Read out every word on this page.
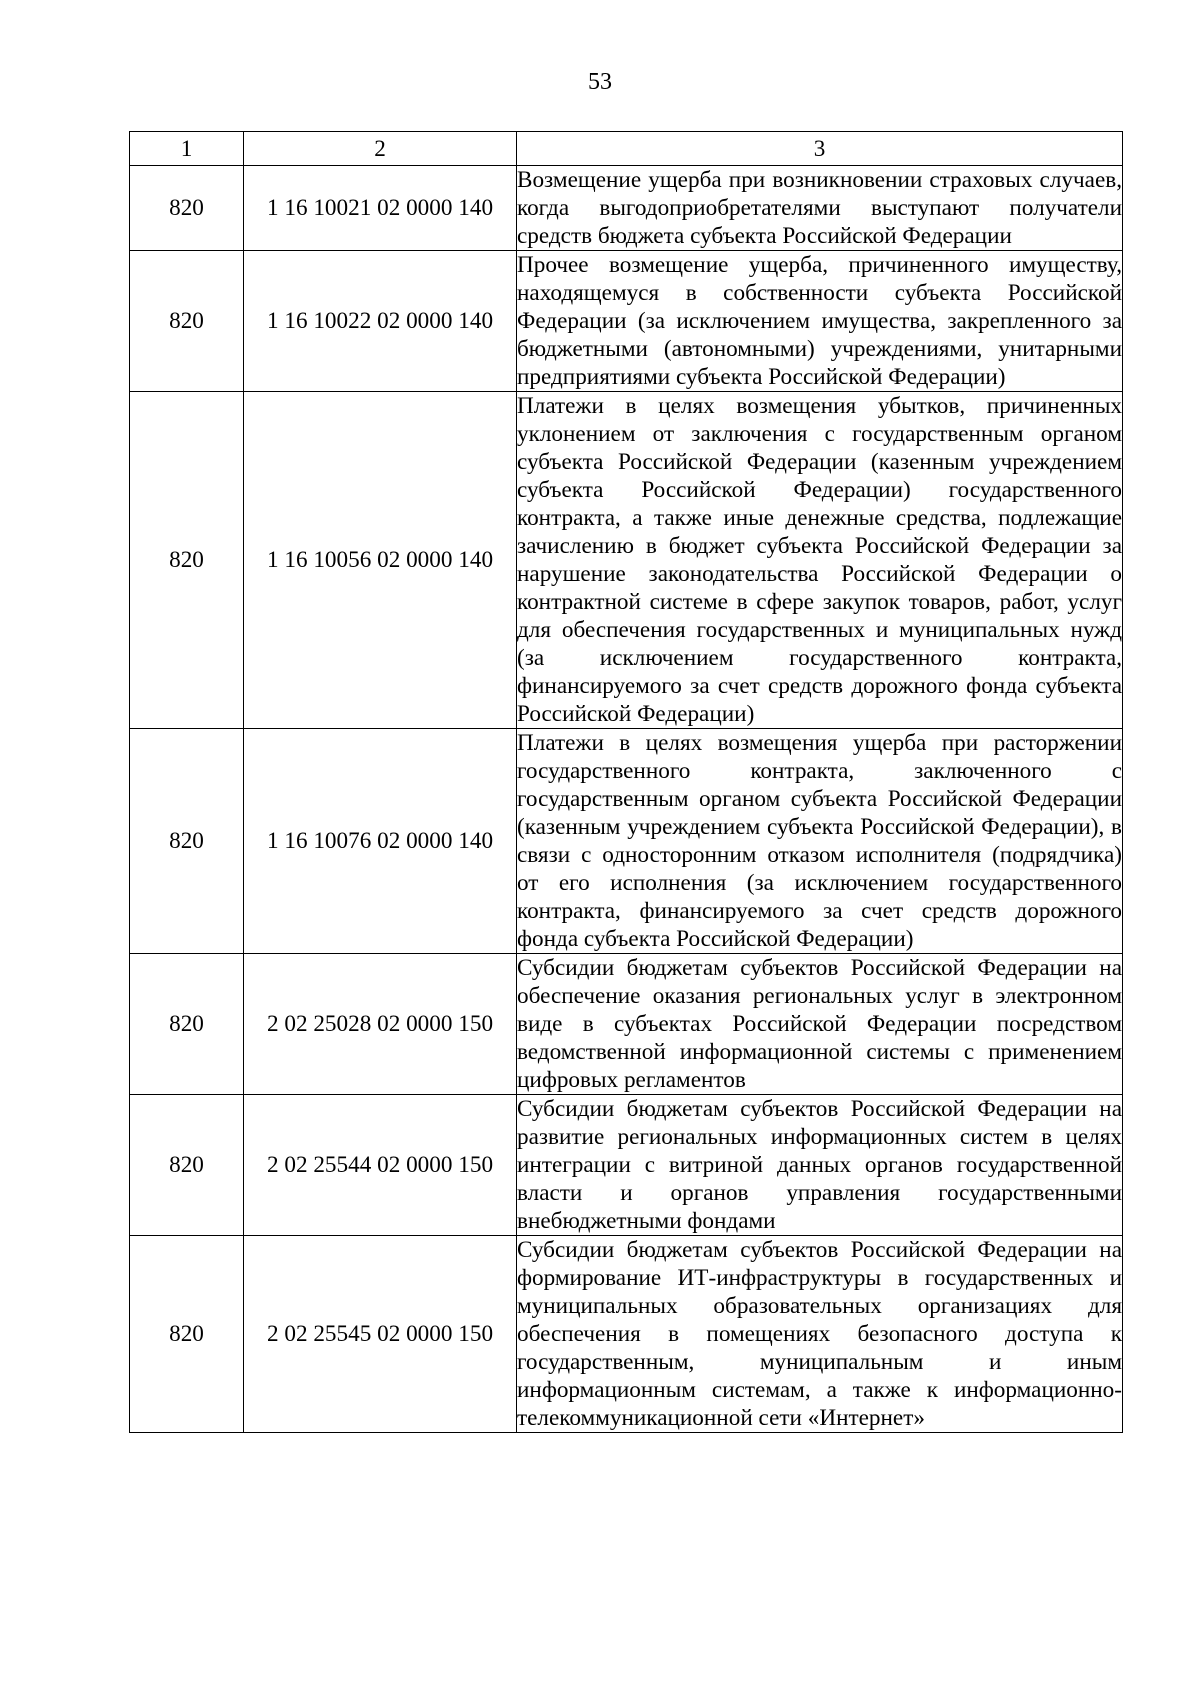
53
1	2	3
820	1 16 10021 02 0000 140	Возмещение ущерба при возникновении страховых случаев, когда выгодоприобретателями выступают получатели средств бюджета субъекта Российской Федерации
820	1 16 10022 02 0000 140	Прочее возмещение ущерба, причиненного имуществу, находящемуся в собственности субъекта Российской Федерации (за исключением имущества, закрепленного за бюджетными (автономными) учреждениями, унитарными предприятиями субъекта Российской Федерации)
820	1 16 10056 02 0000 140	Платежи в целях возмещения убытков, причиненных уклонением от заключения с государственным органом субъекта Российской Федерации (казенным учреждением субъекта Российской Федерации) государственного контракта, а также иные денежные средства, подлежащие зачислению в бюджет субъекта Российской Федерации за нарушение законодательства Российской Федерации о контрактной системе в сфере закупок товаров, работ, услуг для обеспечения государственных и муниципальных нужд (за исключением государственного контракта, финансируемого за счет средств дорожного фонда субъекта Российской Федерации)
820	1 16 10076 02 0000 140	Платежи в целях возмещения ущерба при расторжении государственного контракта, заключенного с государственным органом субъекта Российской Федерации (казенным учреждением субъекта Российской Федерации), в связи с односторонним отказом исполнителя (подрядчика) от его исполнения (за исключением государственного контракта, финансируемого за счет средств дорожного фонда субъекта Российской Федерации)
820	2 02 25028 02 0000 150	Субсидии бюджетам субъектов Российской Федерации на обеспечение оказания региональных услуг в электронном виде в субъектах Российской Федерации посредством ведомственной информационной системы с применением цифровых регламентов
820	2 02 25544 02 0000 150	Субсидии бюджетам субъектов Российской Федерации на развитие региональных информационных систем в целях интеграции с витриной данных органов государственной власти и органов управления государственными внебюджетными фондами
820	2 02 25545 02 0000 150	Субсидии бюджетам субъектов Российской Федерации на формирование ИТ-инфраструктуры в государственных и муниципальных образовательных организациях для обеспечения в помещениях безопасного доступа к государственным, муниципальным и иным информационным системам, а также к информационно-телекоммуникационной сети «Интернет»
